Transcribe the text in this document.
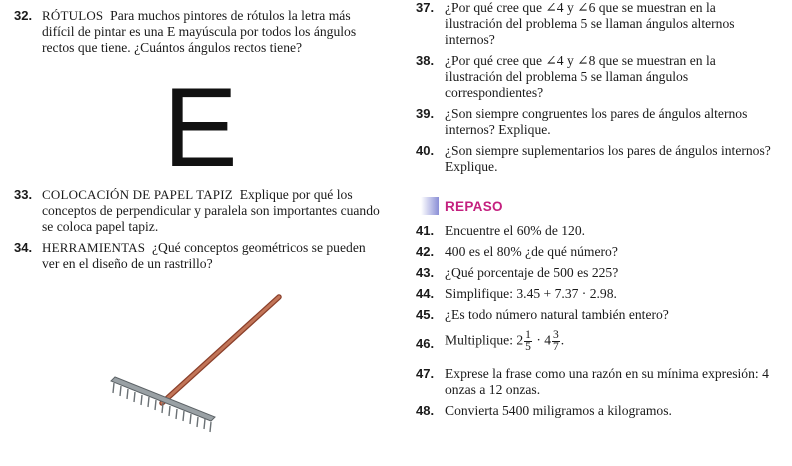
32. RÓTULOS Para muchos pintores de rótulos la letra más difícil de pintar es una E mayúscula por todos los ángulos rectos que tiene. ¿Cuántos ángulos rectos tiene?
E
33. COLOCACIÓN DE PAPEL TAPIZ Explique por qué los conceptos de perpendicular y paralela son importantes cuando se coloca papel tapiz.
34. HERRAMIENTAS ¿Qué conceptos geométricos se pueden ver en el diseño de un rastrillo?
37. ¿Por qué cree que ∠4 y ∠6 que se muestran en la ilustración del problema 5 se llaman ángulos alternos internos?
38. ¿Por qué cree que ∠4 y ∠8 que se muestran en la ilustración del problema 5 se llaman ángulos correspondientes?
39. ¿Son siempre congruentes los pares de ángulos alternos internos? Explique.
40. ¿Son siempre suplementarios los pares de ángulos internos? Explique.
REPASO
41. Encuentre el 60% de 120.
42. 400 es el 80% ¿de qué número?
43. ¿Qué porcentaje de 500 es 225?
44. Simplifique: 3.45 + 7.37 · 2.98.
45. ¿Es todo número natural también entero?
46. Multiplique: $2 \frac{1}{5} \cdot 4 \frac{3}{7}$ .
47. Exprese la frase como una razón en su mínima expresión: 4 onzas a 12 onzas.
48. Convierta 5400 miligramos a kilogramos.
